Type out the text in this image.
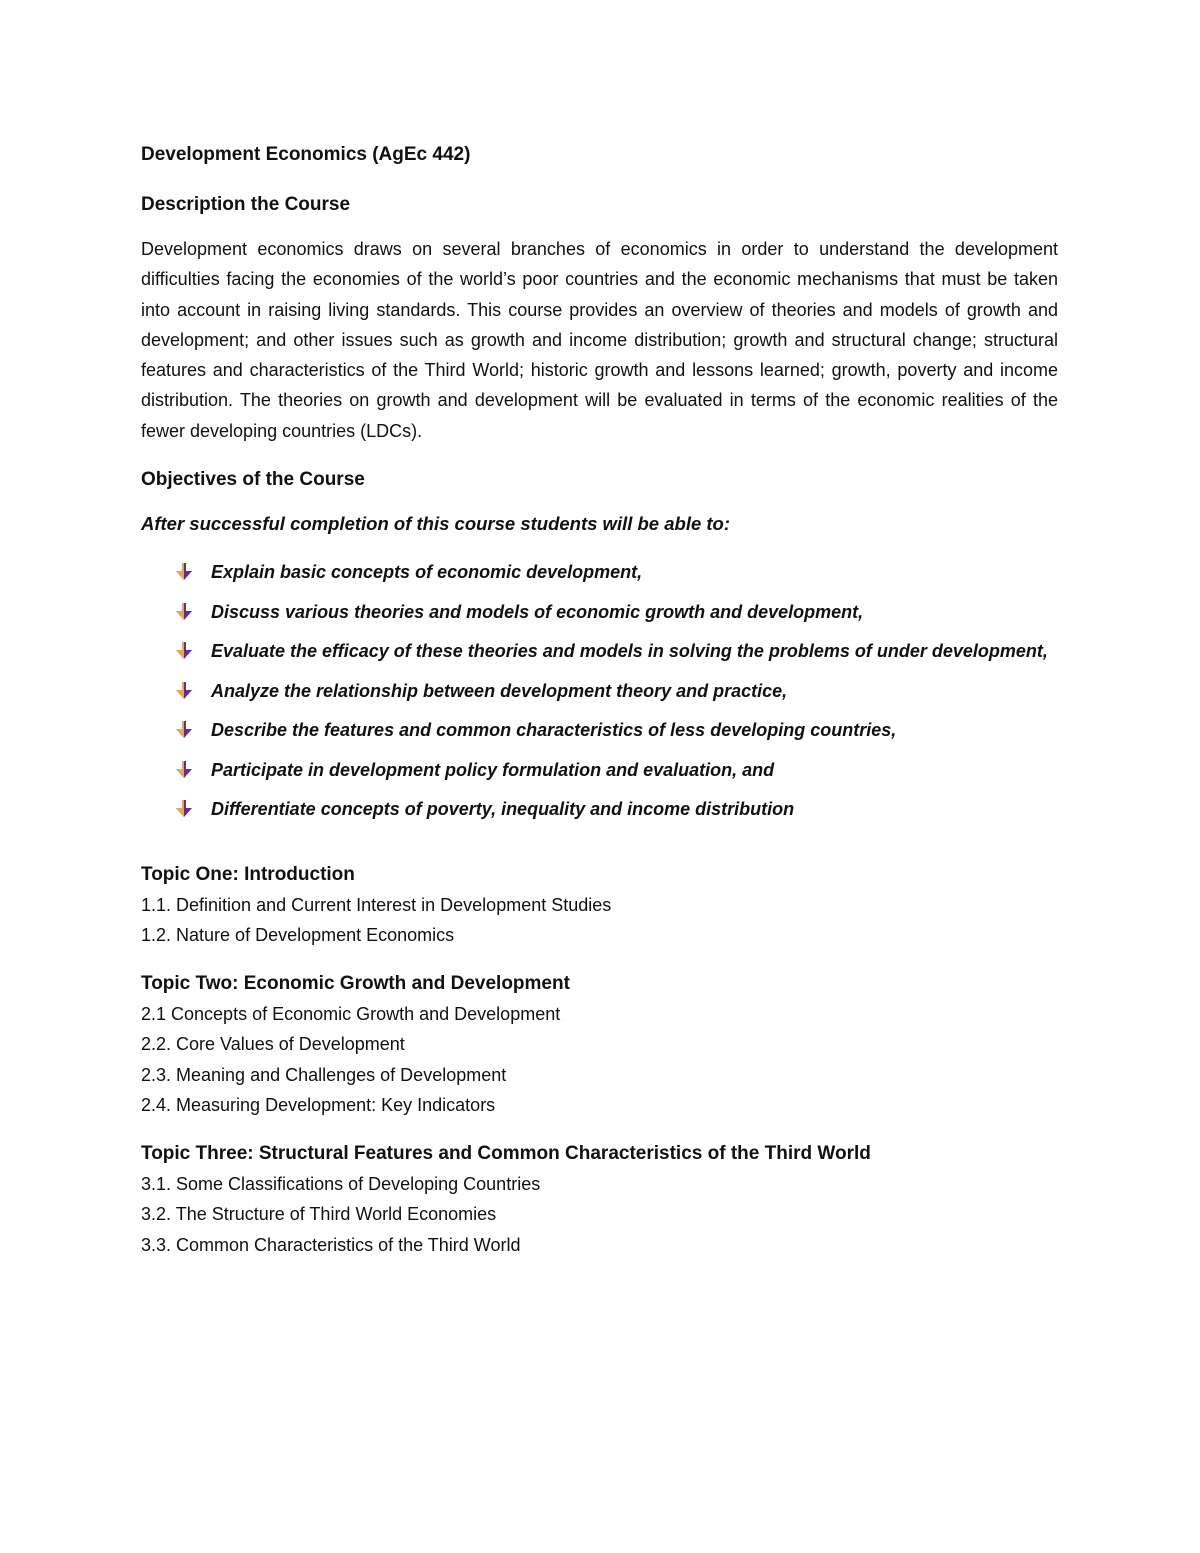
Development Economics (AgEc 442)
Description the Course

Development economics draws on several branches of economics in order to understand the development difficulties facing the economies of the world’s poor countries and the economic mechanisms that must be taken into account in raising living standards. This course provides an overview of theories and models of growth and development; and other issues such as growth and income distribution; growth and structural change; structural features and characteristics of the Third World; historic growth and lessons learned; growth, poverty and income distribution. The theories on growth and development will be evaluated in terms of the economic realities of the fewer developing countries (LDCs).

Objectives of the Course
After successful completion of this course students will be able to:
Explain basic concepts of economic development,
Discuss various theories and models of economic growth and development,
Evaluate the efficacy of these theories and models in solving the problems of under development,
Analyze the relationship between development theory and practice,
Describe the features and common characteristics of less developing countries,
Participate in development policy formulation and evaluation, and
Differentiate concepts of poverty, inequality and income distribution
Topic One: Introduction

1.1. Definition and Current Interest in Development Studies

1.2. Nature of Development Economics

Topic Two: Economic Growth and Development

2.1 Concepts of Economic Growth and Development

2.2. Core Values of Development

2.3. Meaning and Challenges of Development

2.4. Measuring Development: Key Indicators

Topic Three: Structural Features and Common Characteristics of the Third World

3.1. Some Classifications of Developing Countries

3.2. The Structure of Third World Economies

3.3. Common Characteristics of the Third World
